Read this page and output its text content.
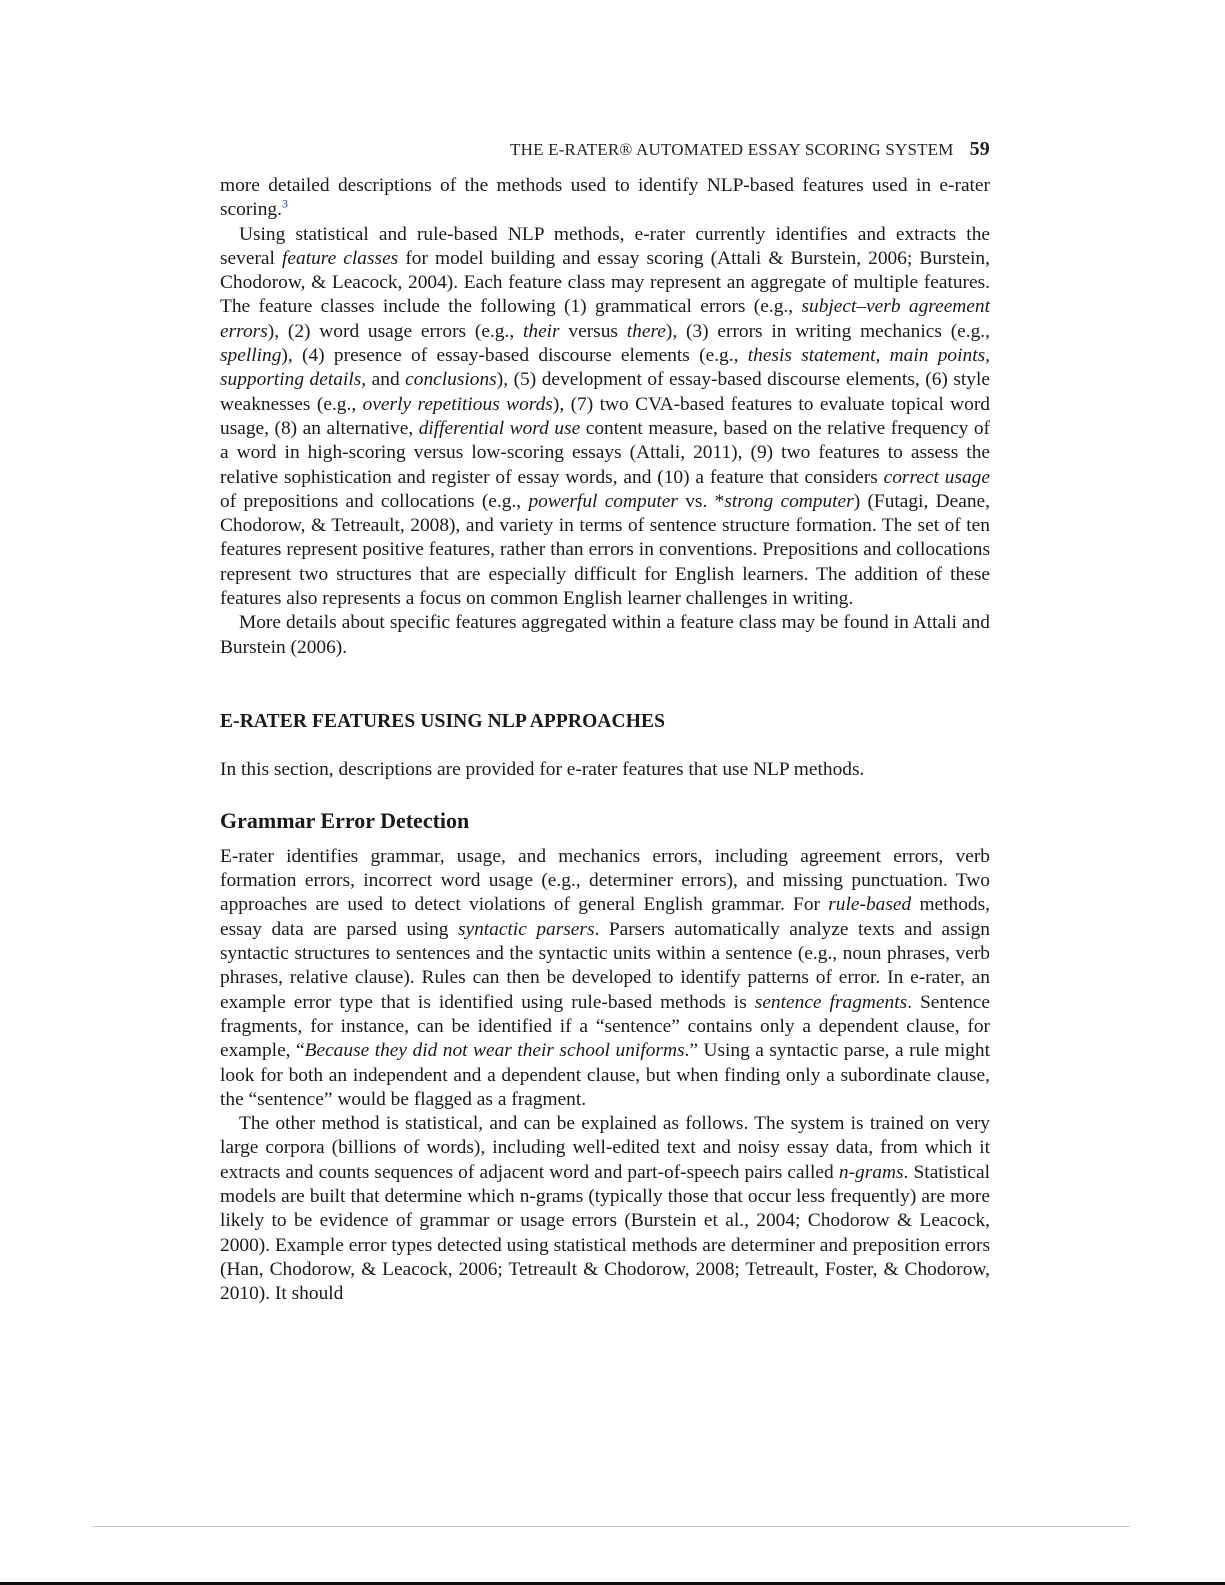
THE E-RATER® AUTOMATED ESSAY SCORING SYSTEM 59

more detailed descriptions of the methods used to identify NLP-based features used in e-rater scoring.$^3$

Using statistical and rule-based NLP methods, e-rater currently identifies and extracts the several feature classes for model building and essay scoring (Attali & Burstein, 2006; Burstein, Chodorow, & Leacock, 2004). Each feature class may represent an aggregate of multiple features. The feature classes include the following (1) grammatical errors (e.g., subject–verb agreement errors), (2) word usage errors (e.g., their versus there), (3) errors in writing mechanics (e.g., spelling), (4) presence of essay-based discourse elements (e.g., thesis statement, main points, supporting details, and conclusions), (5) development of essay-based discourse elements, (6) style weaknesses (e.g., overly repetitious words), (7) two CVA-based features to evaluate topical word usage, (8) an alternative, differential word use content measure, based on the relative frequency of a word in high-scoring versus low-scoring essays (Attali, 2011), (9) two features to assess the relative sophistication and register of essay words, and (10) a feature that considers correct usage of prepositions and collocations (e.g., powerful computer vs. *strong computer) (Futagi, Deane, Chodorow, & Tetreault, 2008), and variety in terms of sentence structure formation. The set of ten features represent positive features, rather than errors in conventions. Prepositions and collocations represent two structures that are especially difficult for English learners. The addition of these features also represents a focus on common English learner challenges in writing.

More details about specific features aggregated within a feature class may be found in Attali and Burstein (2006).

E-RATER FEATURES USING NLP APPROACHES

In this section, descriptions are provided for e-rater features that use NLP methods.

Grammar Error Detection

E-rater identifies grammar, usage, and mechanics errors, including agreement errors, verb formation errors, incorrect word usage (e.g., determiner errors), and missing punctuation. Two approaches are used to detect violations of general English grammar. For rule-based methods, essay data are parsed using syntactic parsers. Parsers automatically analyze texts and assign syntactic structures to sentences and the syntactic units within a sentence (e.g., noun phrases, verb phrases, relative clause). Rules can then be developed to identify patterns of error. In e-rater, an example error type that is identified using rule-based methods is sentence fragments. Sentence fragments, for instance, can be identified if a “sentence” contains only a dependent clause, for example, “Because they did not wear their school uniforms.” Using a syntactic parse, a rule might look for both an independent and a dependent clause, but when finding only a subordinate clause, the “sentence” would be flagged as a fragment.

The other method is statistical, and can be explained as follows. The system is trained on very large corpora (billions of words), including well-edited text and noisy essay data, from which it extracts and counts sequences of adjacent word and part-of-speech pairs called n-grams. Statistical models are built that determine which n-grams (typically those that occur less frequently) are more likely to be evidence of grammar or usage errors (Burstein et al., 2004; Chodorow & Leacock, 2000). Example error types detected using statistical methods are determiner and preposition errors (Han, Chodorow, & Leacock, 2006; Tetreault & Chodorow, 2008; Tetreault, Foster, & Chodorow, 2010). It should
